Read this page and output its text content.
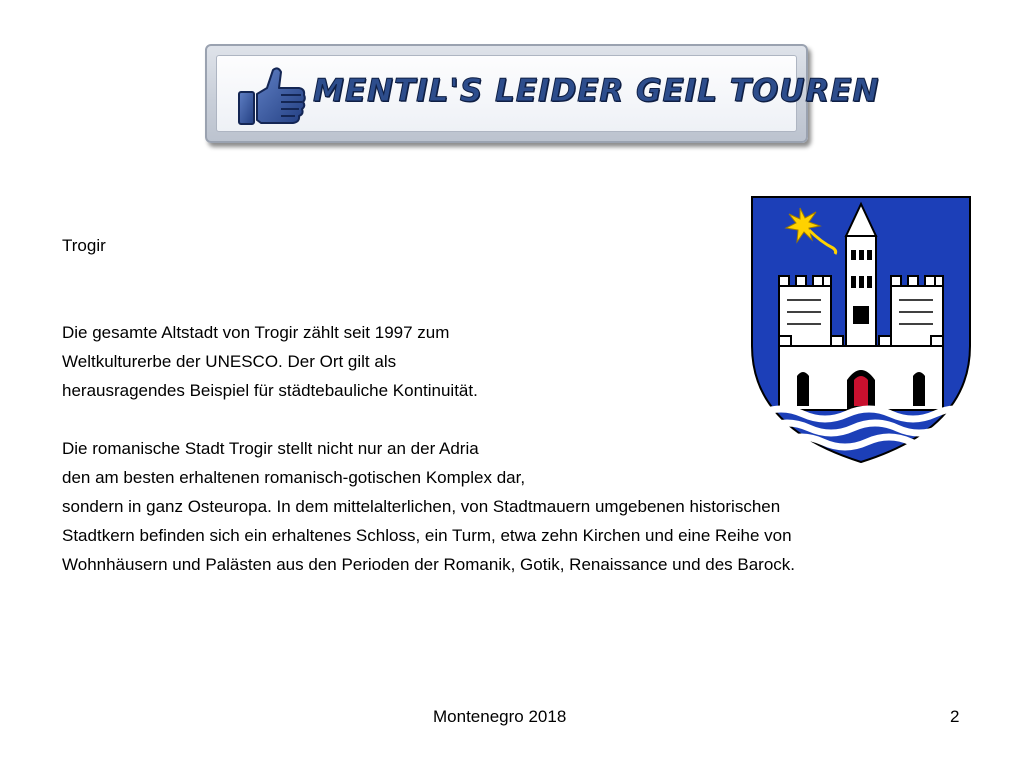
MENTIL'S LEIDER GEIL TOUREN

Trogir

Die gesamte Altstadt von Trogir zählt seit 1997 zum

Weltkulturerbe der UNESCO. Der Ort gilt als

herausragendes Beispiel für städtebauliche Kontinuität.

Die romanische Stadt Trogir stellt nicht nur an der Adria

den am besten erhaltenen romanisch-gotischen Komplex dar,

sondern in ganz Osteuropa. In dem mittelalterlichen, von Stadtmauern umgebenen historischen

Stadtkern befinden sich ein erhaltenes Schloss, ein Turm, etwa zehn Kirchen und eine Reihe von

Wohnhäusern und Palästen aus den Perioden der Romanik, Gotik, Renaissance und des Barock.

Montenegro 2018	2
